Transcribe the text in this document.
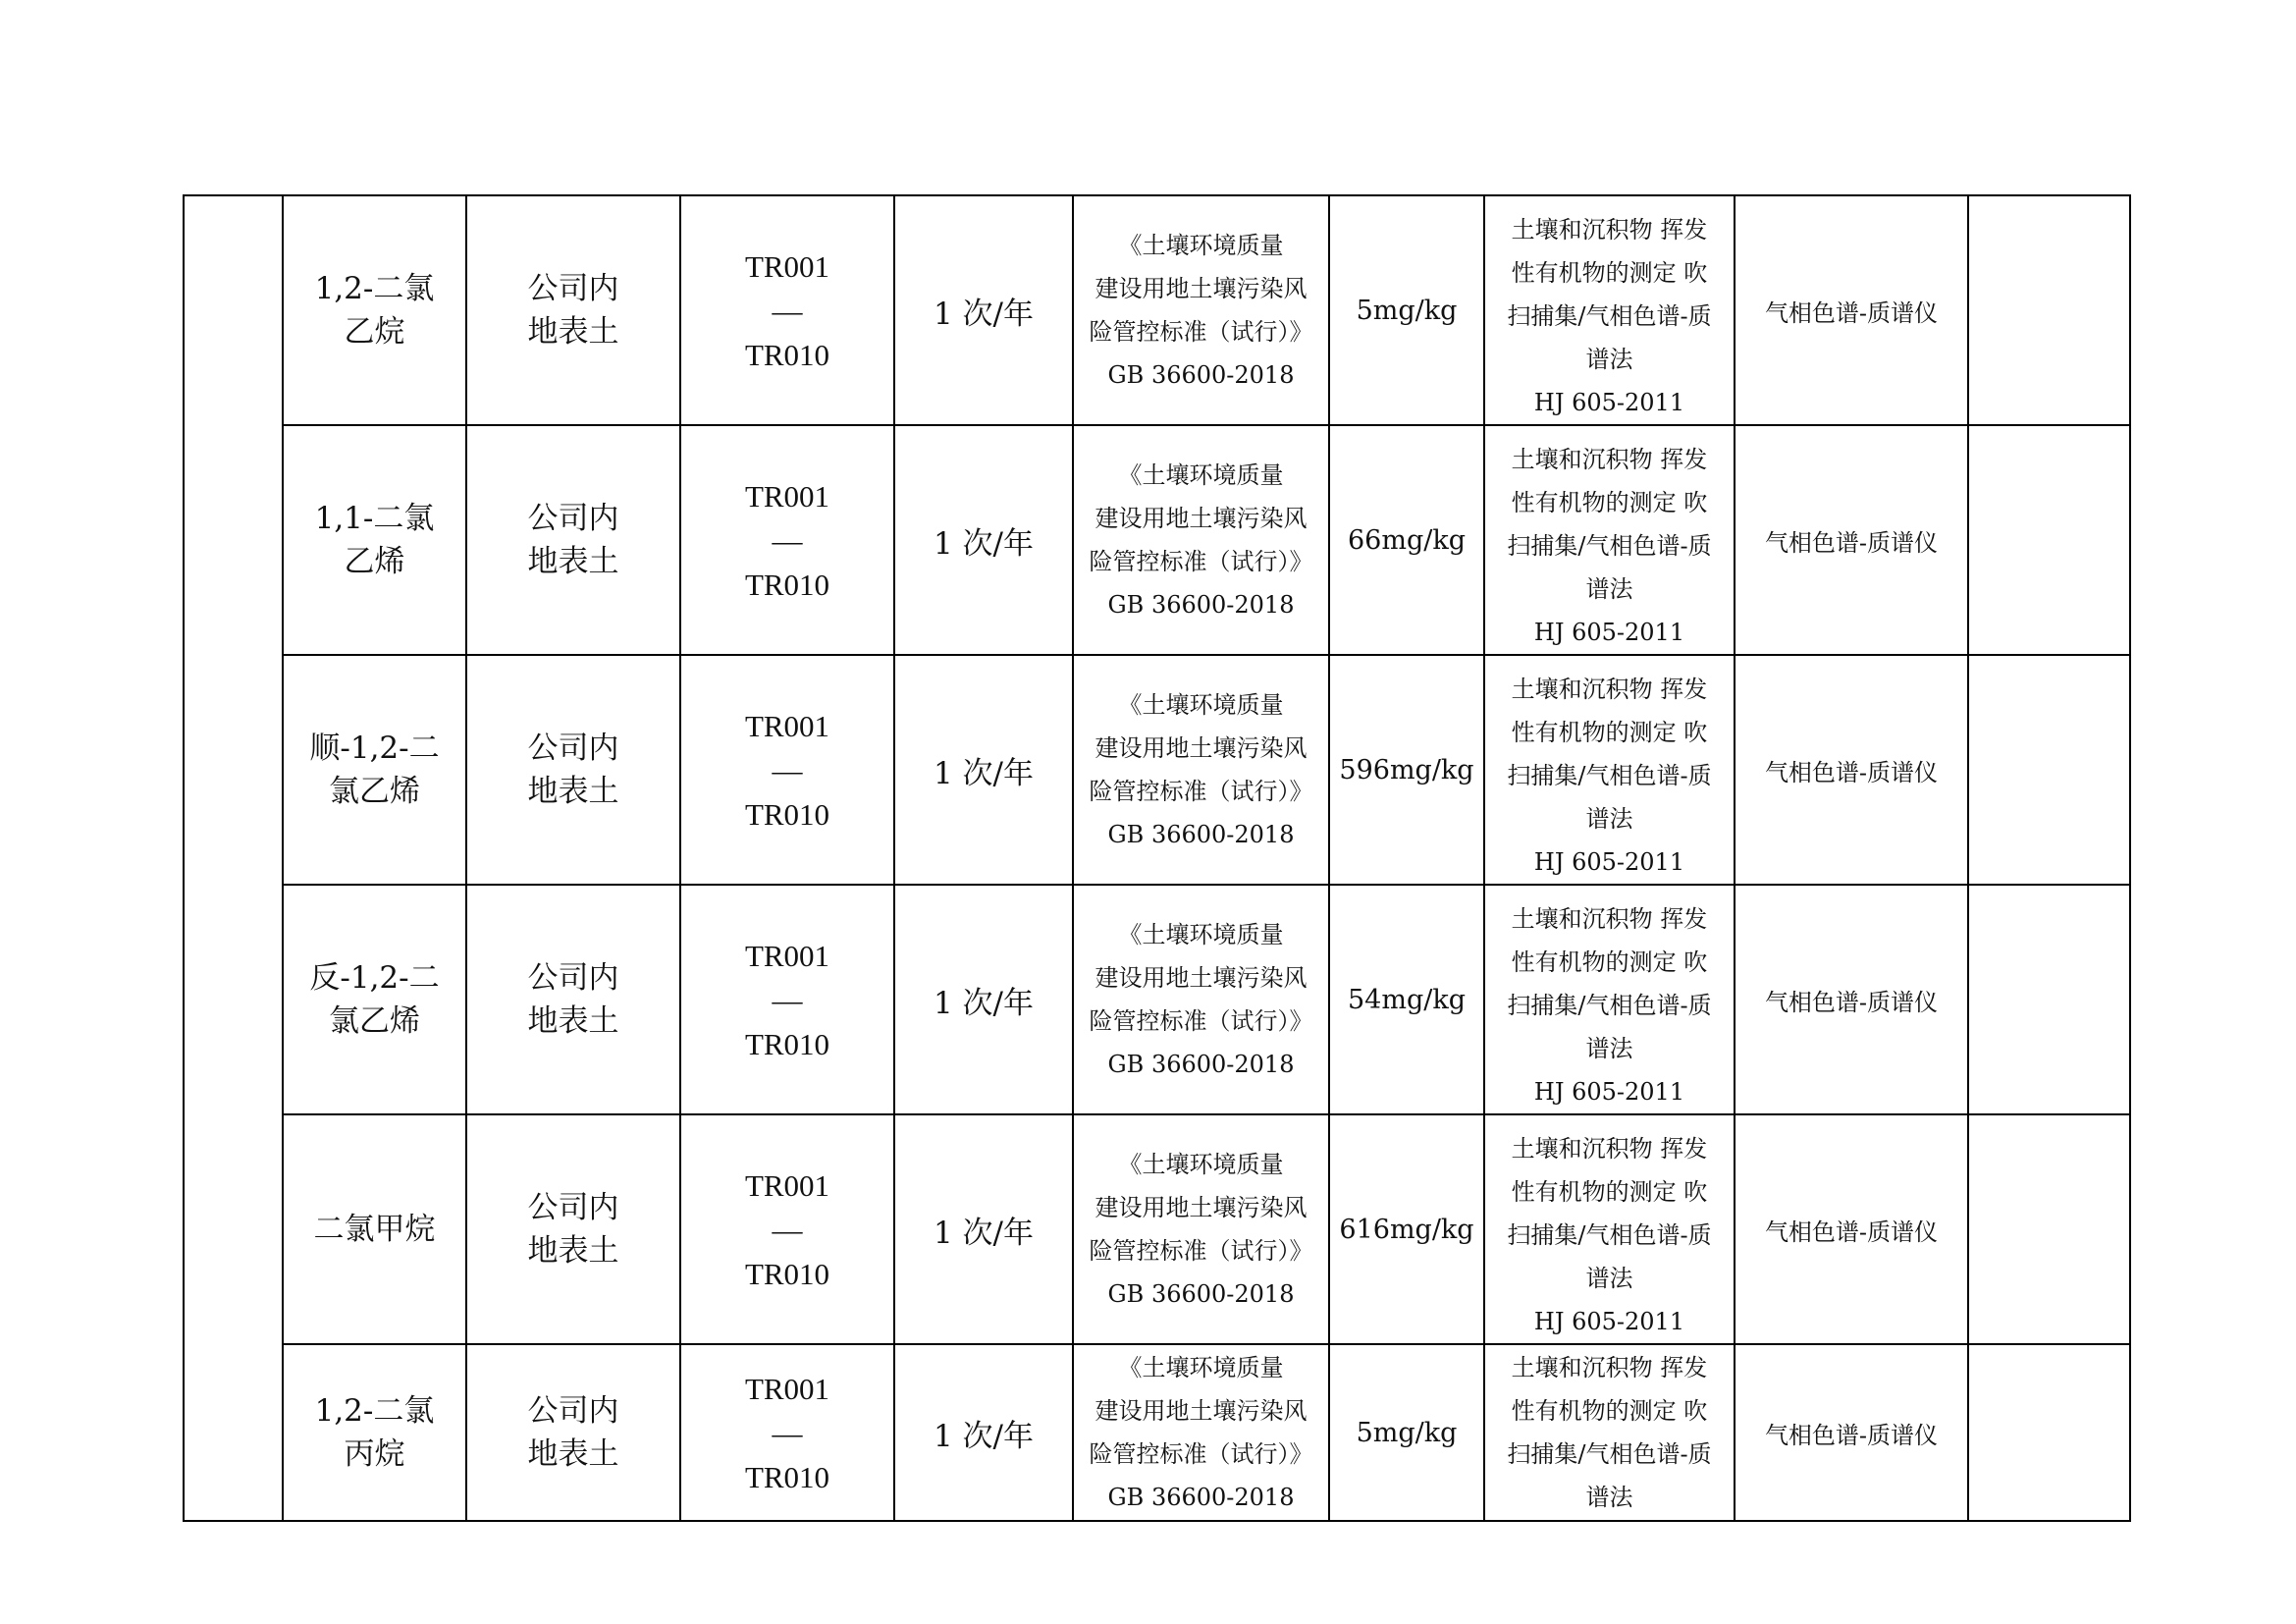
	1,2-二氯
乙烷	公司内
地表土	TR001
—
TR010	1 次/年	《土壤环境质量
建设用地土壤污染风
险管控标准（试行）》
GB 36600-2018	5mg/kg	土壤和沉积物 挥发
性有机物的测定 吹
扫捕集/气相色谱-质
谱法
HJ 605-2011	气相色谱-质谱仪	

	1,1-二氯
乙烯	公司内
地表土	TR001
—
TR010	1 次/年	《土壤环境质量
建设用地土壤污染风
险管控标准（试行）》
GB 36600-2018	66mg/kg	土壤和沉积物 挥发
性有机物的测定 吹
扫捕集/气相色谱-质
谱法
HJ 605-2011	气相色谱-质谱仪	

	顺-1,2-二
氯乙烯	公司内
地表土	TR001
—
TR010	1 次/年	《土壤环境质量
建设用地土壤污染风
险管控标准（试行）》
GB 36600-2018	596mg/kg	土壤和沉积物 挥发
性有机物的测定 吹
扫捕集/气相色谱-质
谱法
HJ 605-2011	气相色谱-质谱仪	

	反-1,2-二
氯乙烯	公司内
地表土	TR001
—
TR010	1 次/年	《土壤环境质量
建设用地土壤污染风
险管控标准（试行）》
GB 36600-2018	54mg/kg	土壤和沉积物 挥发
性有机物的测定 吹
扫捕集/气相色谱-质
谱法
HJ 605-2011	气相色谱-质谱仪	

	二氯甲烷	公司内
地表土	TR001
—
TR010	1 次/年	《土壤环境质量
建设用地土壤污染风
险管控标准（试行）》
GB 36600-2018	616mg/kg	土壤和沉积物 挥发
性有机物的测定 吹
扫捕集/气相色谱-质
谱法
HJ 605-2011	气相色谱-质谱仪	

	1,2-二氯
丙烷	公司内
地表土	TR001
—
TR010	1 次/年	《土壤环境质量
建设用地土壤污染风
险管控标准（试行）》
GB 36600-2018	5mg/kg	土壤和沉积物 挥发
性有机物的测定 吹
扫捕集/气相色谱-质
谱法	气相色谱-质谱仪	
